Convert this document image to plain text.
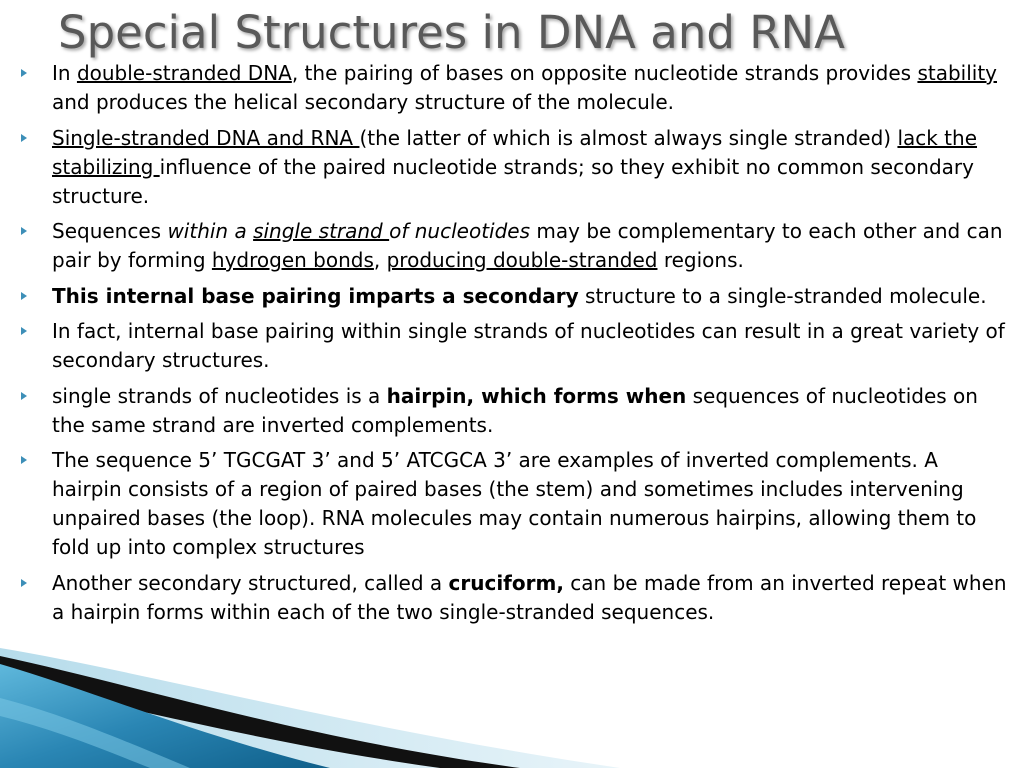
Special Structures in DNA and RNA
In double-stranded DNA, the pairing of bases on opposite nucleotide strands provides stability and produces the helical secondary structure of the molecule.
Single-stranded DNA and RNA (the latter of which is almost always single stranded) lack the stabilizing influence of the paired nucleotide strands; so they exhibit no common secondary structure.
Sequences within a single strand of nucleotides may be complementary to each other and can pair by forming hydrogen bonds, producing double-stranded regions.
This internal base pairing imparts a secondary structure to a single-stranded molecule.
In fact, internal base pairing within single strands of nucleotides can result in a great variety of secondary structures.
single strands of nucleotides is a hairpin, which forms when sequences of nucleotides on the same strand are inverted complements.
The sequence 5’ TGCGAT 3’ and 5’ ATCGCA 3’ are examples of inverted complements. A hairpin consists of a region of paired bases (the stem) and sometimes includes intervening unpaired bases (the loop). RNA molecules may contain numerous hairpins, allowing them to fold up into complex structures
Another secondary structured, called a cruciform, can be made from an inverted repeat when a hairpin forms within each of the two single-stranded sequences.
